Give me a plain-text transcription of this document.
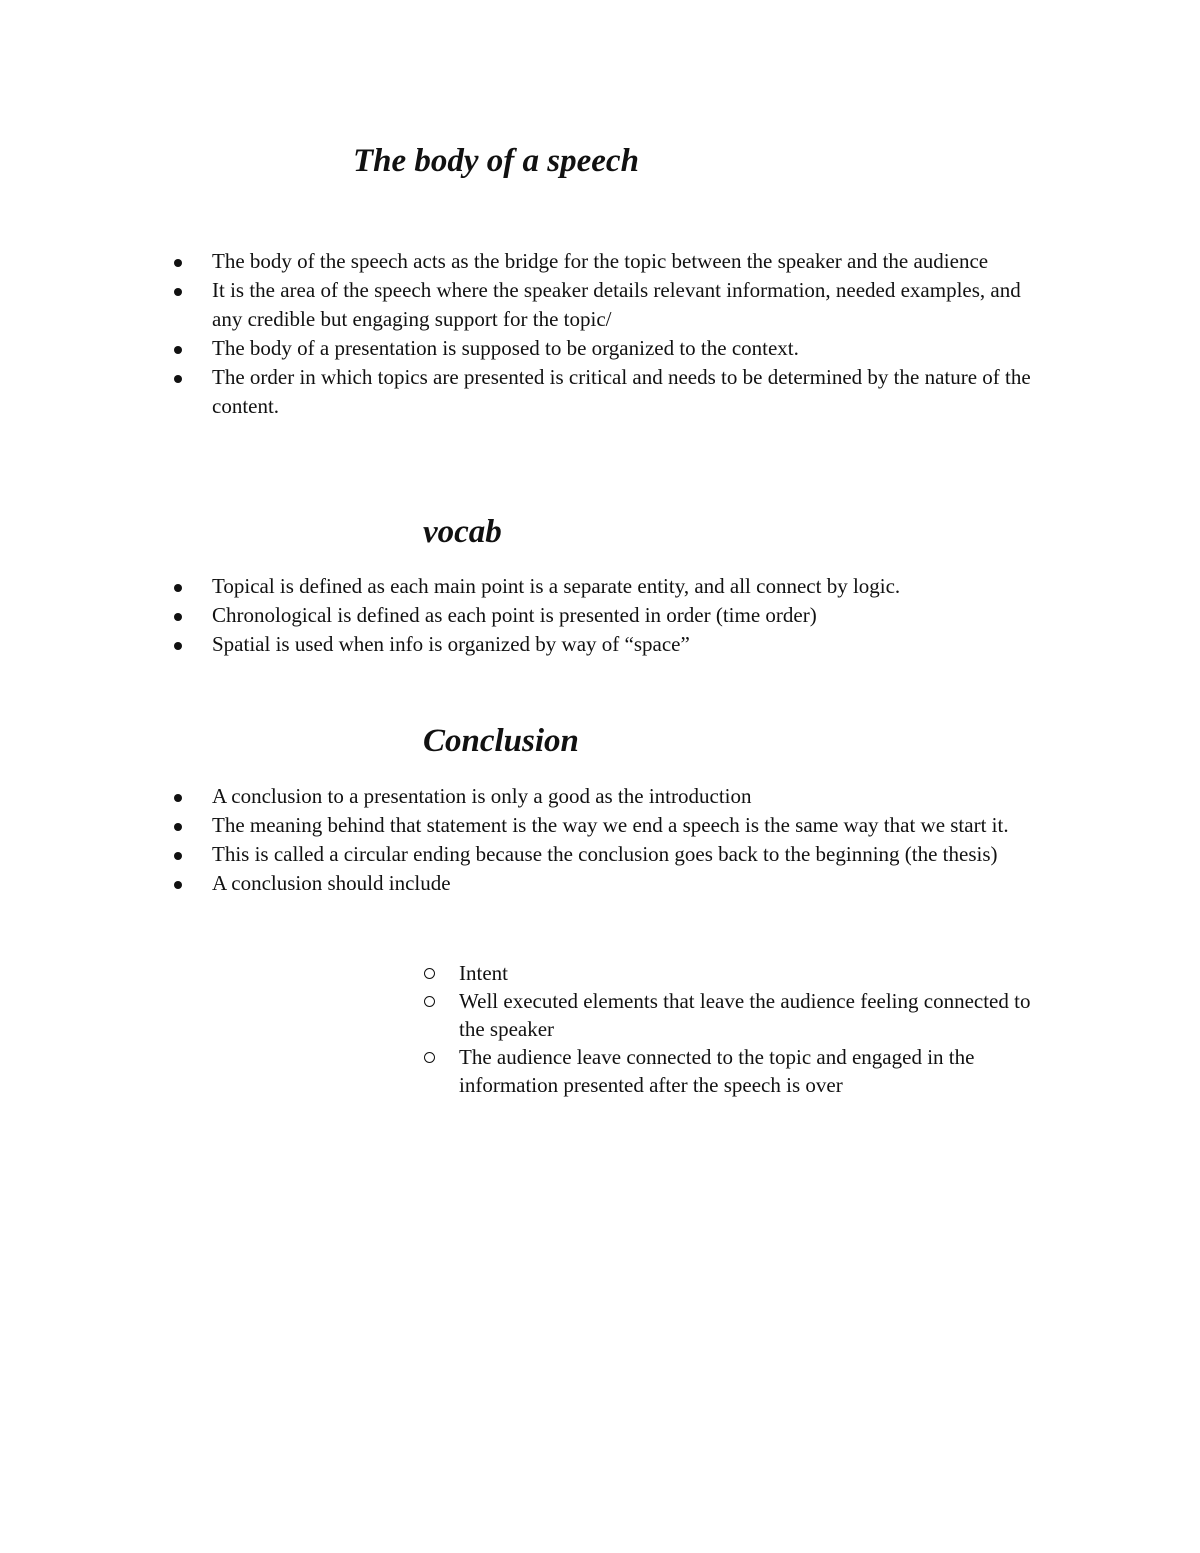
The body of a speech
The body of the speech acts as the bridge for the topic between the speaker and the audience
It is the area of the speech where the speaker details relevant information, needed examples, and any credible but engaging support for the topic/
The body of a presentation is supposed to be organized to the context.
The order in which topics are presented is critical and needs to be determined by the nature of the content.
vocab
Topical is defined as each main point is a separate entity, and all connect by logic.
Chronological is defined as each point is presented in order (time order)
Spatial is used when info is organized by way of “space”
Conclusion
A conclusion to a presentation is only a good as the introduction
The meaning behind that statement is the way we end a speech is the same way that we start it.
This is called a circular ending because the conclusion goes back to the beginning (the thesis)
A conclusion should include
Intent
Well executed elements that leave the audience feeling connected to the speaker
The audience leave connected to the topic and engaged in the information presented after the speech is over
